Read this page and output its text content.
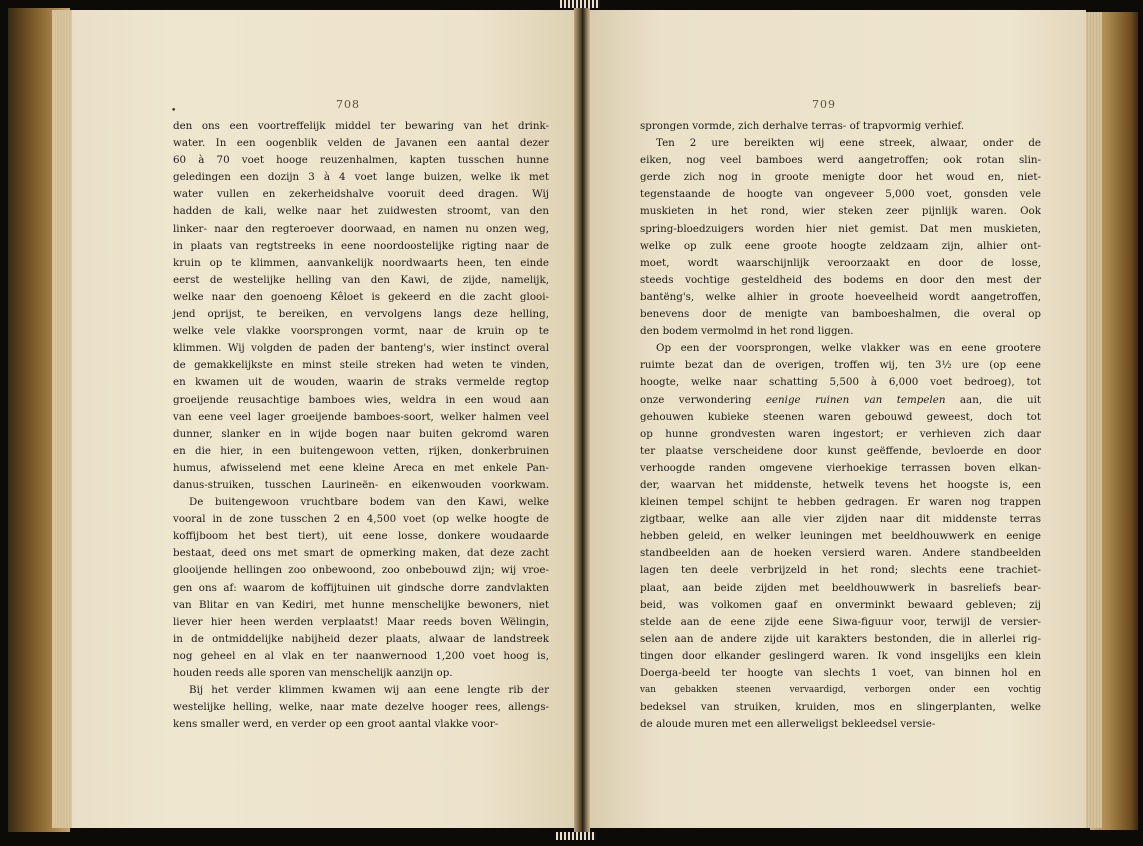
•	708
den ons een voortreffelijk middel ter bewaring van het drink-
water. In een oogenblik velden de Javanen een aantal dezer
60 à 70 voet hooge reuzenhalmen, kapten tusschen hunne
geledingen een dozijn 3 à 4 voet lange buizen, welke ik met
water vullen en zekerheidshalve vooruit deed dragen. Wij
hadden de kali, welke naar het zuidwesten stroomt, van den
linker- naar den regteroever doorwaad, en namen nu onzen weg,
in plaats van regtstreeks in eene noordoostelijke rigting naar de
kruin op te klimmen, aanvankelijk noordwaarts heen, ten einde
eerst de westelijke helling van den Kawi, de zijde, namelijk,
welke naar den goenoeng Kêloet is gekeerd en die zacht glooi-
jend oprijst, te bereiken, en vervolgens langs deze helling,
welke vele vlakke voorsprongen vormt, naar de kruin op te
klimmen. Wij volgden de paden der banteng's, wier instinct overal
de gemakkelijkste en minst steile streken had weten te vinden,
en kwamen uit de wouden, waarin de straks vermelde regtop
groeijende reusachtige bamboes wies, weldra in een woud aan
van eene veel lager groeijende bamboes-soort, welker halmen veel
dunner, slanker en in wijde bogen naar buiten gekromd waren
en die hier, in een buitengewoon vetten, rijken, donkerbruinen
humus, afwisselend met eene kleine Areca en met enkele Pan-
danus-struiken, tusschen Laurineën- en eikenwouden voorkwam.
De buitengewoon vruchtbare bodem van den Kawi, welke
vooral in de zone tusschen 2 en 4,500 voet (op welke hoogte de
koffijboom het best tiert), uit eene losse, donkere woudaarde
bestaat, deed ons met smart de opmerking maken, dat deze zacht
glooijende hellingen zoo onbewoond, zoo onbebouwd zijn; wij vroe-
gen ons af: waarom de koffijtuinen uit gindsche dorre zandvlakten
van Blitar en van Kediri, met hunne menschelijke bewoners, niet
liever hier heen werden verplaatst! Maar reeds boven Wëlingin,
in de ontmiddelijke nabijheid dezer plaats, alwaar de landstreek
nog geheel en al vlak en ter naanwernood 1,200 voet hoog is,
houden reeds alle sporen van menschelijk aanzijn op.
Bij het verder klimmen kwamen wij aan eene lengte rib der
westelijke helling, welke, naar mate dezelve hooger rees, allengs-
kens smaller werd, en verder op een groot aantal vlakke voor-
709
sprongen vormde, zich derhalve terras- of trapvormig verhief.
Ten 2 ure bereikten wij eene streek, alwaar, onder de
eiken, nog veel bamboes werd aangetroffen; ook rotan slin-
gerde zich nog in groote menigte door het woud en, niet-
tegenstaande de hoogte van ongeveer 5,000 voet, gonsden vele
muskieten in het rond, wier steken zeer pijnlijk waren. Ook
spring-bloedzuigers worden hier niet gemist. Dat men muskieten,
welke op zulk eene groote hoogte zeldzaam zijn, alhier ont-
moet, wordt waarschijnlijk veroorzaakt en door de losse,
steeds vochtige gesteldheid des bodems en door den mest der
bantëng's, welke alhier in groote hoeveelheid wordt aangetroffen,
benevens door de menigte van bamboeshalmen, die overal op
den bodem vermolmd in het rond liggen.
Op een der voorsprongen, welke vlakker was en eene grootere
ruimte bezat dan de overigen, troffen wij, ten 3½ ure (op eene
hoogte, welke naar schatting 5,500 à 6,000 voet bedroeg), tot
onze verwondering eenige ruinen van tempelen aan, die uit
gehouwen kubieke steenen waren gebouwd geweest, doch tot
op hunne grondvesten waren ingestort; er verhieven zich daar
ter plaatse verscheidene door kunst geëffende, bevloerde en door
verhoogde randen omgevene vierhoekige terrassen boven elkan-
der, waarvan het middenste, hetwelk tevens het hoogste is, een
kleinen tempel schijnt te hebben gedragen. Er waren nog trappen
zigtbaar, welke aan alle vier zijden naar dit middenste terras
hebben geleid, en welker leuningen met beeldhouwwerk en eenige
standbeelden aan de hoeken versierd waren. Andere standbeelden
lagen ten deele verbrijzeld in het rond; slechts eene trachiet-
plaat, aan beide zijden met beeldhouwwerk in basreliefs bear-
beid, was volkomen gaaf en onverminkt bewaard gebleven; zij
stelde aan de eene zijde eene Siwa-figuur voor, terwijl de versier-
selen aan de andere zijde uit karakters bestonden, die in allerlei rig-
tingen door elkander geslingerd waren. Ik vond insgelijks een klein
Doerga-beeld ter hoogte van slechts 1 voet, van binnen hol en
van gebakken steenen vervaardigd, verborgen onder een vochtig
bedeksel van struiken, kruiden, mos en slingerplanten, welke
de aloude muren met een allerweligst bekleedsel versie-
